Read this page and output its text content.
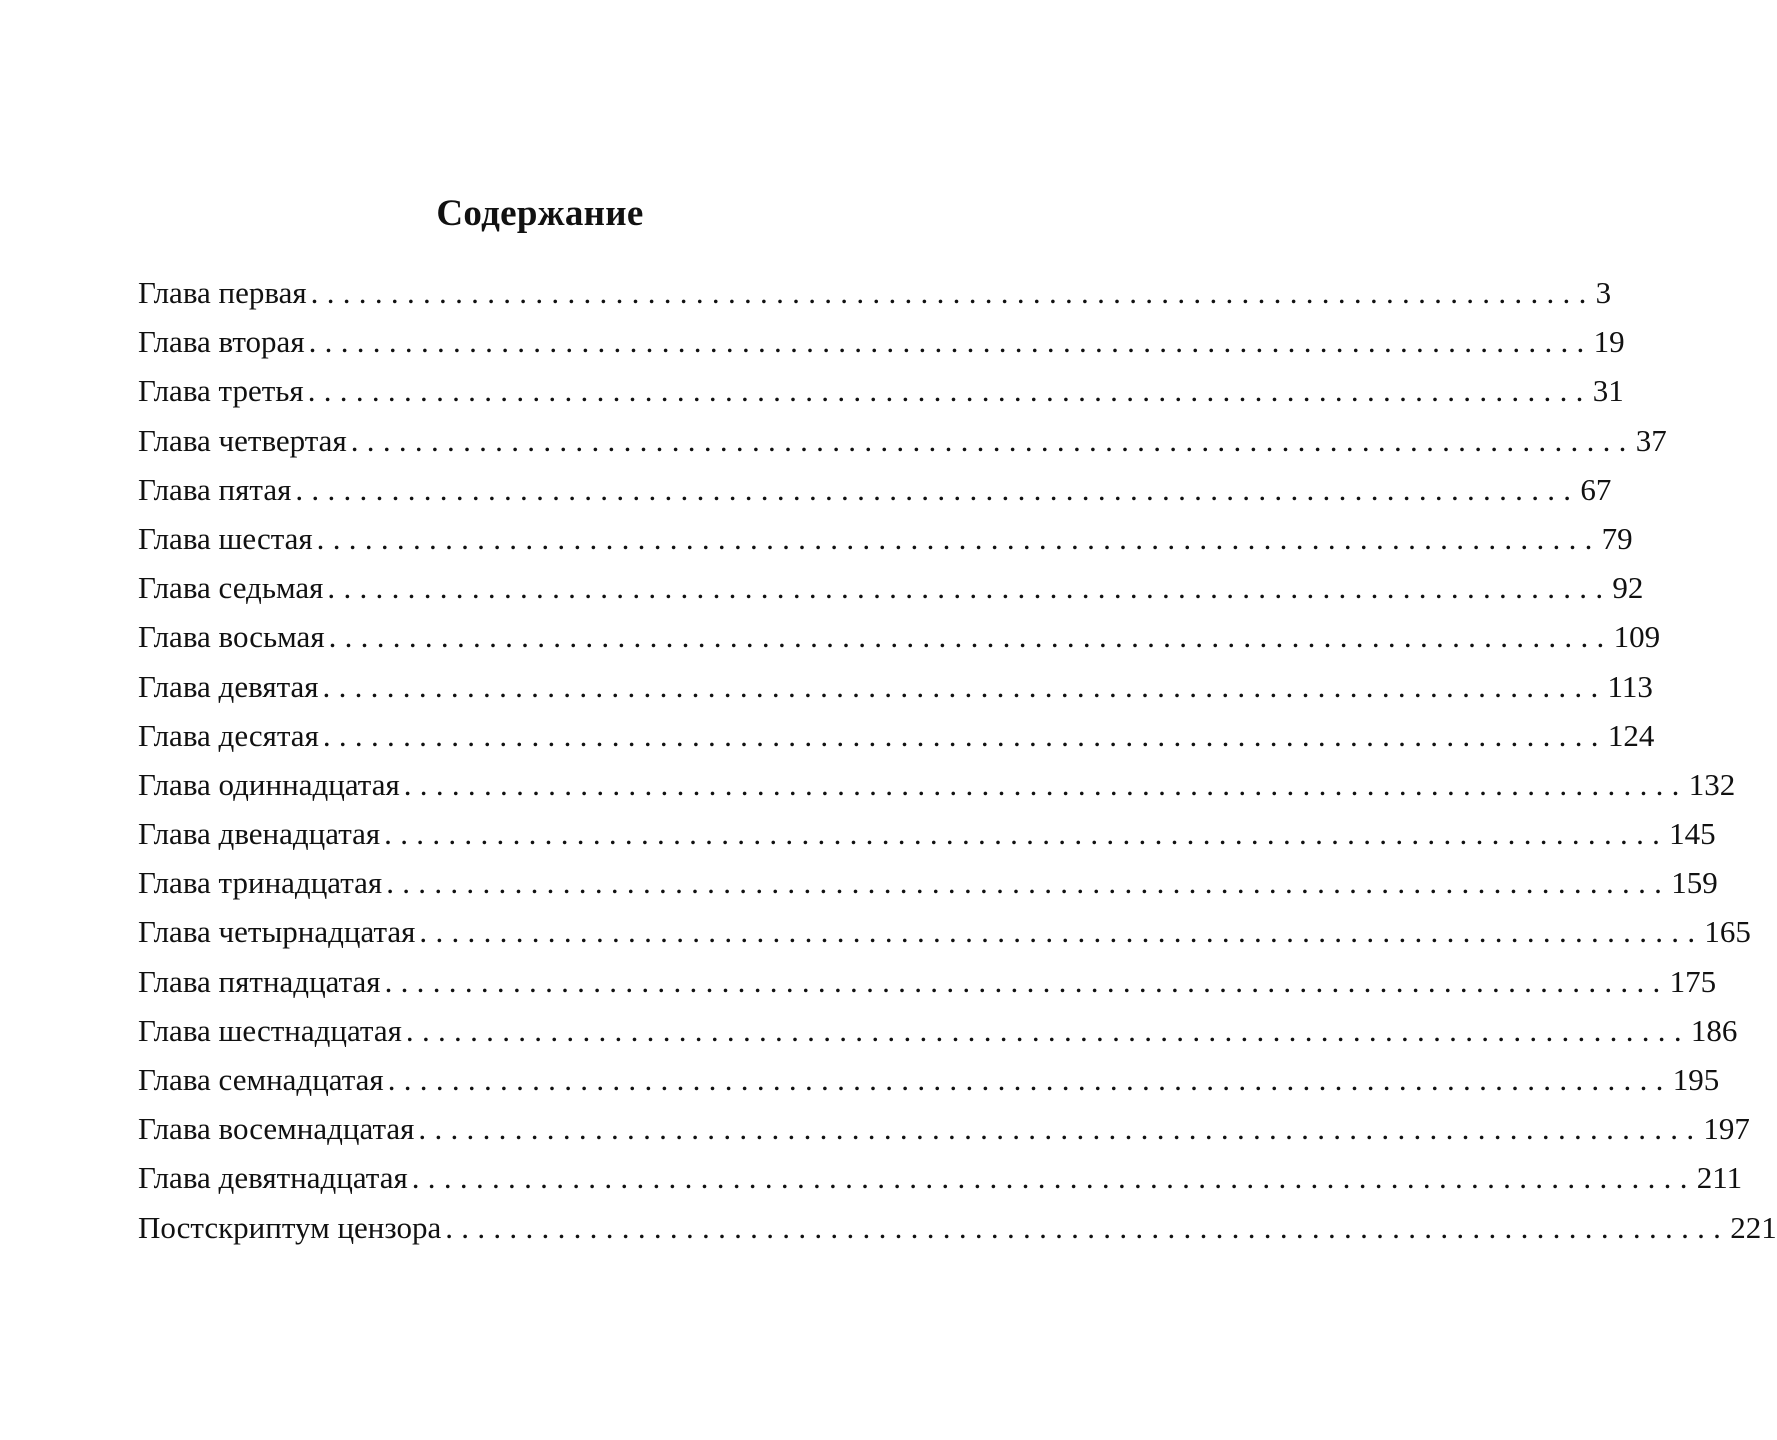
Содержание
Глава первая ................................................................................ 3
Глава вторая ................................................................................ 19
Глава третья ................................................................................ 31
Глава четвертая ................................................................................ 37
Глава пятая ................................................................................ 67
Глава шестая ................................................................................ 79
Глава седьмая ................................................................................ 92
Глава восьмая ................................................................................ 109
Глава девятая ................................................................................ 113
Глава десятая ................................................................................ 124
Глава одиннадцатая ................................................................................ 132
Глава двенадцатая ................................................................................ 145
Глава тринадцатая ................................................................................ 159
Глава четырнадцатая ................................................................................ 165
Глава пятнадцатая ................................................................................ 175
Глава шестнадцатая ................................................................................ 186
Глава семнадцатая ................................................................................ 195
Глава восемнадцатая ................................................................................ 197
Глава девятнадцатая ................................................................................ 211
Постскриптум цензора ................................................................................ 221
